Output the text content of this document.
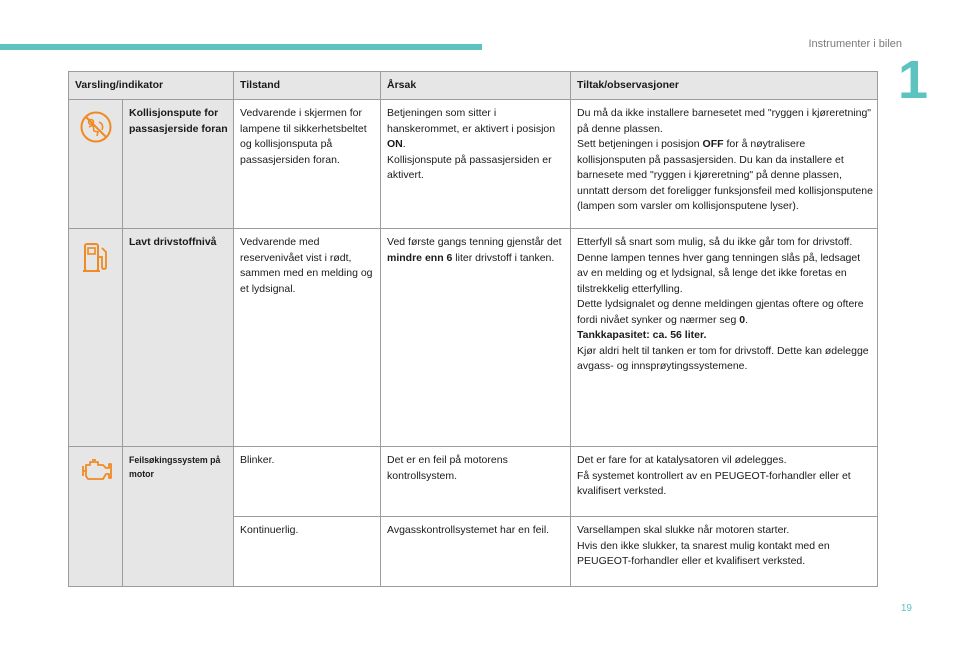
Instrumenter i bilen
1
Varsling/indikator		Tilstand	Årsak	Tiltak/observasjoner

	Kollisjonspute for passasjerside foran	Vedvarende i skjermen for lampene til sikkerhetsbeltet og kollisjonsputa på passasjersiden foran.	Betjeningen som sitter i hanskerommet, er aktivert i posisjon ON.
Kollisjonspute på passasjersiden er aktivert.	Du må da ikke installere barnesetet med "ryggen i kjøreretning" på denne plassen.
Sett betjeningen i posisjon OFF for å nøytralisere kollisjonsputen på passasjersiden. Du kan da installere et barnesete med "ryggen i kjøreretning" på denne plassen, unntatt dersom det foreligger funksjonsfeil med kollisjonsputene (lampen som varsler om kollisjonsputene lyser).

	Lavt drivstoffnivå	Vedvarende med reservenivået vist i rødt, sammen med en melding og et lydsignal.	Ved første gangs tenning gjenstår det mindre enn 6 liter drivstoff i tanken.	Etterfyll så snart som mulig, så du ikke går tom for drivstoff.
Denne lampen tennes hver gang tenningen slås på, ledsaget av en melding og et lydsignal, så lenge det ikke foretas en tilstrekkelig etterfylling.
Dette lydsignalet og denne meldingen gjentas oftere og oftere fordi nivået synker og nærmer seg 0.
Tankkapasitet: ca. 56 liter.
Kjør aldri helt til tanken er tom for drivstoff. Dette kan ødelegge avgass- og innsprøytingssystemene.

	Feilsøkingssystem på motor	Blinker.	Det er en feil på motorens kontrollsystem.	Det er fare for at katalysatoren vil ødelegges.
Få systemet kontrollert av en PEUGEOT-forhandler eller et kvalifisert verksted.
		Kontinuerlig.	Avgasskontrollsystemet har en feil.	Varsellampen skal slukke når motoren starter.
Hvis den ikke slukker, ta snarest mulig kontakt med en PEUGEOT-forhandler eller et kvalifisert verksted.
19
